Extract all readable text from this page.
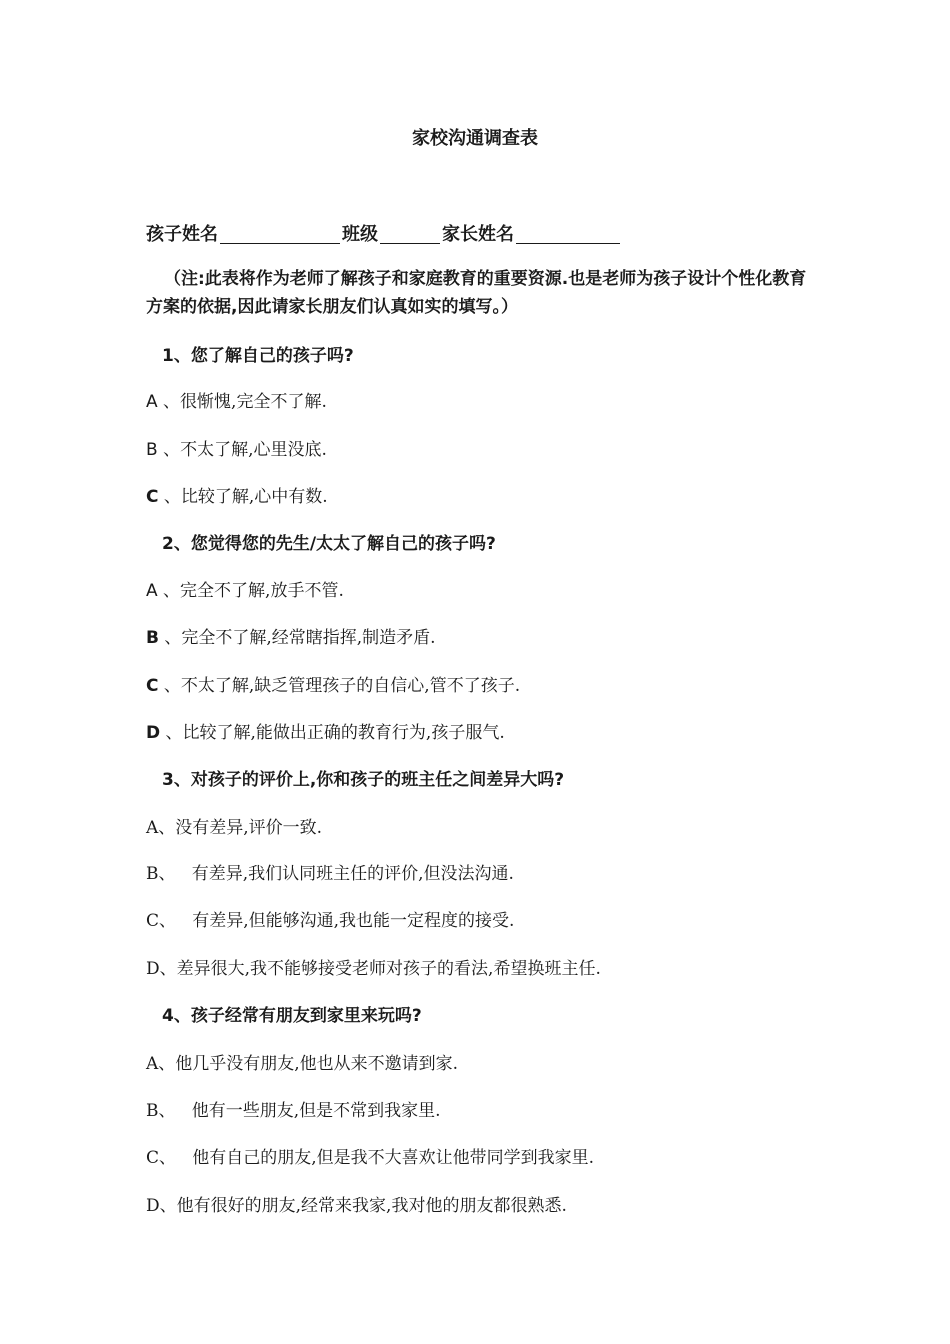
家校沟通调查表
孩子姓名	班级	家长姓名
（注:此表将作为老师了解孩子和家庭教育的重要资源.也是老师为孩子设计个性化教育方案的依据,因此请家长朋友们认真如实的填写。）
1、您了解自己的孩子吗?
A 、很惭愧,完全不了解.
B 、不太了解,心里没底.
C 、比较了解,心中有数.
2、您觉得您的先生/太太了解自己的孩子吗?
A 、完全不了解,放手不管.
B 、完全不了解,经常瞎指挥,制造矛盾.
C 、不太了解,缺乏管理孩子的自信心,管不了孩子.
D 、比较了解,能做出正确的教育行为,孩子服气.
3、对孩子的评价上,你和孩子的班主任之间差异大吗?
A、没有差异,评价一致.
B、 有差异,我们认同班主任的评价,但没法沟通.
C、 有差异,但能够沟通,我也能一定程度的接受.
D、差异很大,我不能够接受老师对孩子的看法,希望换班主任.
4、孩子经常有朋友到家里来玩吗?
A、他几乎没有朋友,他也从来不邀请到家.
B、 他有一些朋友,但是不常到我家里.
C、 他有自己的朋友,但是我不大喜欢让他带同学到我家里.
D、他有很好的朋友,经常来我家,我对他的朋友都很熟悉.
